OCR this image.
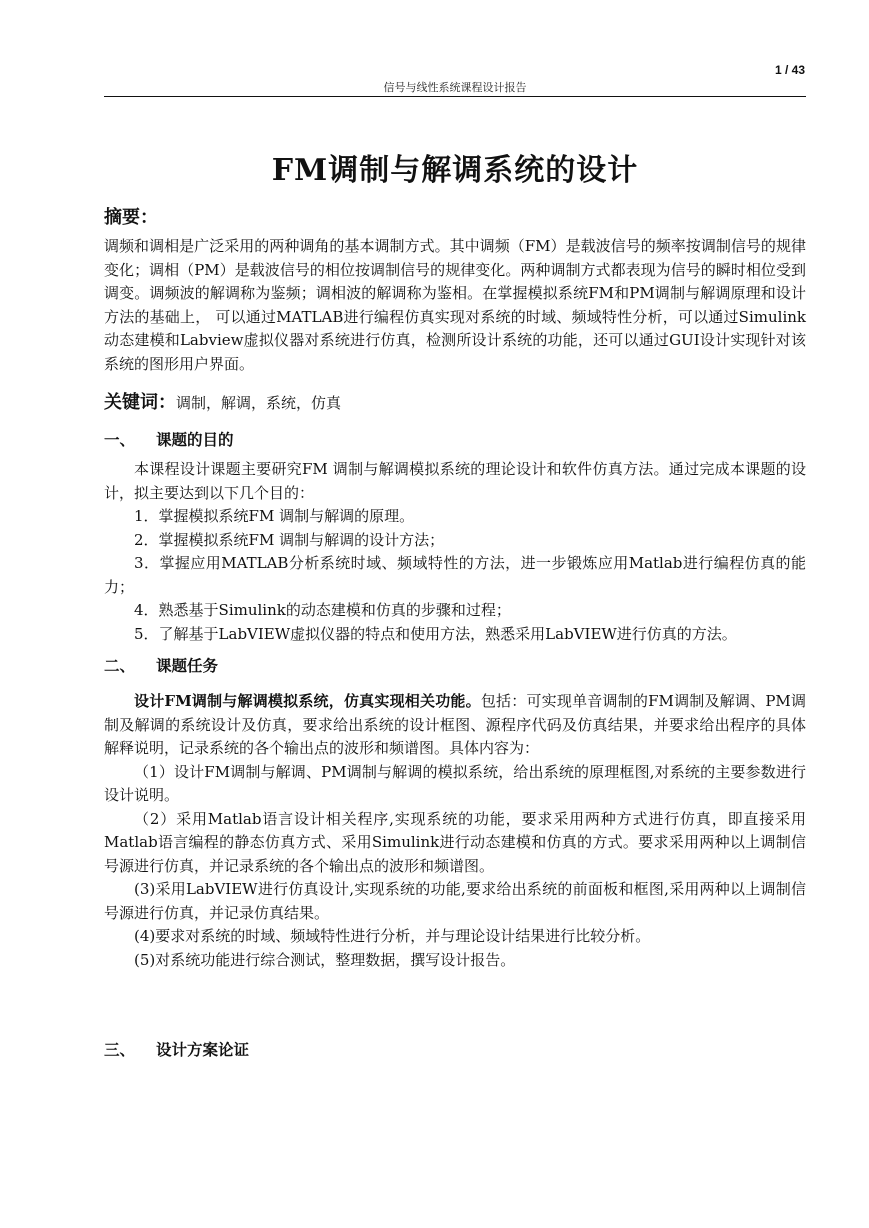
1 / 43
信号与线性系统课程设计报告
FM调制与解调系统的设计
摘要：

调频和调相是广泛采用的两种调角的基本调制方式。其中调频（FM）是载波信号的频率按调制信号的规律变化；调相（PM）是载波信号的相位按调制信号的规律变化。两种调制方式都表现为信号的瞬时相位受到调变。调频波的解调称为鉴频；调相波的解调称为鉴相。在掌握模拟系统FM和PM调制与解调原理和设计方法的基础上， 可以通过MATLAB进行编程仿真实现对系统的时域、频域特性分析，可以通过Simulink动态建模和Labview虚拟仪器对系统进行仿真，检测所设计系统的功能，还可以通过GUI设计实现针对该系统的图形用户界面。

关键词：调制，解调，系统，仿真
一、 课题的目的

本课程设计课题主要研究FM 调制与解调模拟系统的理论设计和软件仿真方法。通过完成本课题的设计，拟主要达到以下几个目的：

1．掌握模拟系统FM 调制与解调的原理。
2．掌握模拟系统FM 调制与解调的设计方法；
3．掌握应用MATLAB分析系统时域、频域特性的方法，进一步锻炼应用Matlab进行编程仿真的能力；
4．熟悉基于Simulink的动态建模和仿真的步骤和过程；
5．了解基于LabVIEW虚拟仪器的特点和使用方法，熟悉采用LabVIEW进行仿真的方法。
二、 课题任务

设计FM调制与解调模拟系统，仿真实现相关功能。包括：可实现单音调制的FM调制及解调、PM调制及解调的系统设计及仿真，要求给出系统的设计框图、源程序代码及仿真结果，并要求给出程序的具体解释说明，记录系统的各个输出点的波形和频谱图。具体内容为：

（1）设计FM调制与解调、PM调制与解调的模拟系统，给出系统的原理框图,对系统的主要参数进行设计说明。
（2）采用Matlab语言设计相关程序,实现系统的功能，要求采用两种方式进行仿真，即直接采用Matlab语言编程的静态仿真方式、采用Simulink进行动态建模和仿真的方式。要求采用两种以上调制信号源进行仿真，并记录系统的各个输出点的波形和频谱图。
(3)采用LabVIEW进行仿真设计,实现系统的功能,要求给出系统的前面板和框图,采用两种以上调制信号源进行仿真，并记录仿真结果。
(4)要求对系统的时域、频域特性进行分析，并与理论设计结果进行比较分析。
(5)对系统功能进行综合测试，整理数据，撰写设计报告。
三、 设计方案论证
